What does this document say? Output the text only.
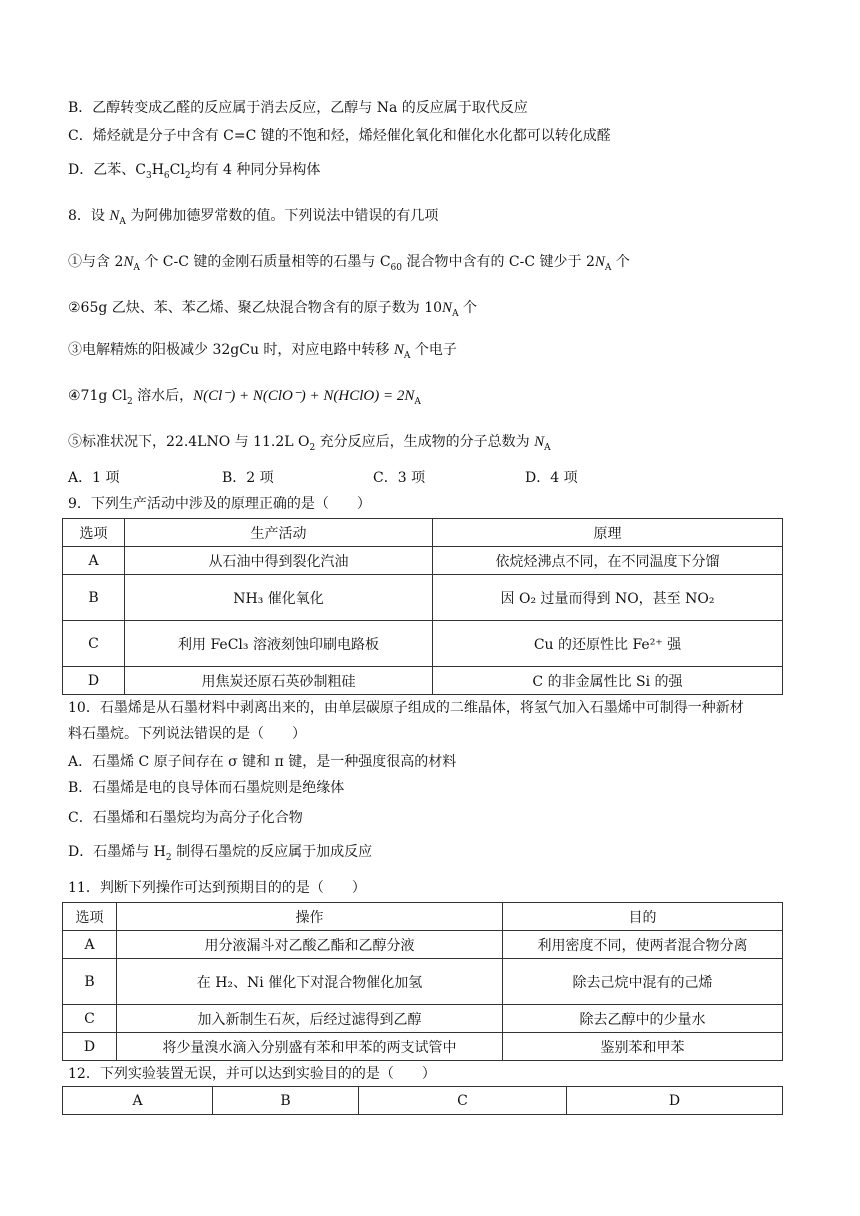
B．乙醇转变成乙醛的反应属于消去反应，乙醇与 Na 的反应属于取代反应
C．烯烃就是分子中含有 C=C 键的不饱和烃，烯烃催化氧化和催化水化都可以转化成醛
D．乙苯、$C_3H_6Cl_2$均有 4 种同分异构体
8．设 $N_A$ 为阿佛加德罗常数的值。下列说法中错误的有几项
①与含 $2N_A$ 个 C-C 键的金刚石质量相等的石墨与 $C_{60}$ 混合物中含有的 C-C 键少于 $2N_A$ 个
②65g 乙炔、苯、苯乙烯、聚乙炔混合物含有的原子数为 $10N_A$ 个
③电解精炼的阳极减少 32gCu 时，对应电路中转移 $N_A$ 个电子
④71g $Cl_2$ 溶水后，N(Cl⁻) + N(ClO⁻) + N(HClO) = $2N_A$
⑤标准状况下，22.4LNO 与 11.2L $O_2$ 充分反应后，生成物的分子总数为 $N_A$
A．1 项	B．2 项	C．3 项	D．4 项
9．下列生产活动中涉及的原理正确的是（　　）
选项	生产活动	原理
A	从石油中得到裂化汽油	依烷烃沸点不同，在不同温度下分馏
B	NH₃ 催化氧化	因 O₂ 过量而得到 NO，甚至 NO₂
C	利用 FeCl₃ 溶液刻蚀印刷电路板	Cu 的还原性比 Fe²⁺ 强
D	用焦炭还原石英砂制粗硅	C 的非金属性比 Si 的强
10．石墨烯是从石墨材料中剥离出来的，由单层碳原子组成的二维晶体，将氢气加入石墨烯中可制得一种新材
料石墨烷。下列说法错误的是（　　）
A．石墨烯 C 原子间存在 σ 键和 π 键，是一种强度很高的材料
B．石墨烯是电的良导体而石墨烷则是绝缘体
C．石墨烯和石墨烷均为高分子化合物
D．石墨烯与 $H_2$ 制得石墨烷的反应属于加成反应
11．判断下列操作可达到预期目的的是（　　）
选项	操作	目的
A	用分液漏斗对乙酸乙酯和乙醇分液	利用密度不同，使两者混合物分离
B	在 H₂、Ni 催化下对混合物催化加氢	除去己烷中混有的己烯
C	加入新制生石灰，后经过滤得到乙醇	除去乙醇中的少量水
D	将少量溴水滴入分别盛有苯和甲苯的两支试管中	鉴别苯和甲苯
12．下列实验装置无误，并可以达到实验目的的是（　　）
A	B	C	D
